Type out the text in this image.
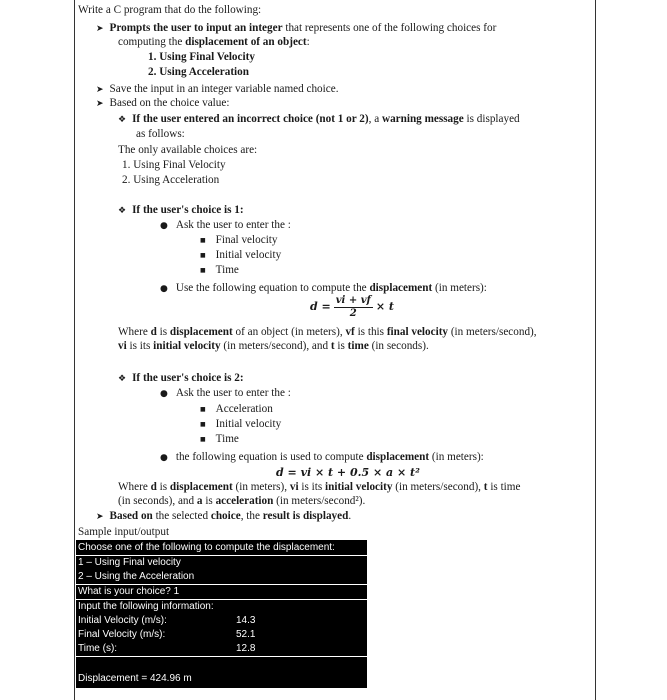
Write a C program that do the following:
➤ Prompts the user to input an integer that represents one of the following choices for
computing the displacement of an object:
1. Using Final Velocity
2. Using Acceleration
➤ Save the input in an integer variable named choice.
➤ Based on the choice value:
❖ If the user entered an incorrect choice (not 1 or 2), a warning message is displayed
as follows:
The only available choices are:
1. Using Final Velocity
2. Using Acceleration
❖ If the user's choice is 1:
● Ask the user to enter the :
■ Final velocity
■ Initial velocity
■ Time
● Use the following equation to compute the displacement (in meters):
$d = \frac{vi + vf}{2} \times t$
Where d is displacement of an object (in meters), vf is this final velocity (in meters/second),
vi is its initial velocity (in meters/second), and t is time (in seconds).
❖ If the user's choice is 2:
● Ask the user to enter the :
■ Acceleration
■ Initial velocity
■ Time
● the following equation is used to compute displacement (in meters):
d = vi × t + 0.5 × a × t²
Where d is displacement (in meters), vi is its initial velocity (in meters/second), t is time
(in seconds), and a is acceleration (in meters/second²).
➤ Based on the selected choice, the result is displayed.
Sample input/output
Choose one of the following to compute the displacement:
1 – Using Final velocity
2 – Using the Acceleration
What is your choice? 1
Input the following information:
Initial Velocity (m/s):	14.3
Final Velocity (m/s):	52.1
Time (s):	12.8
Displacement = 424.96 m
